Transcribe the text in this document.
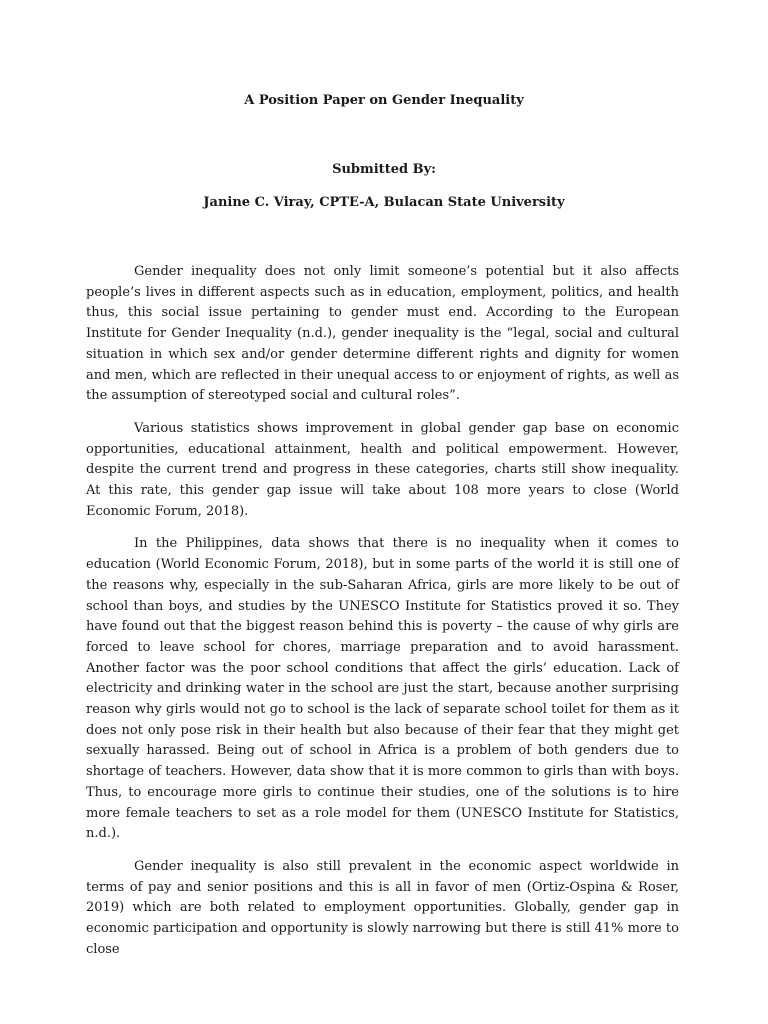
A Position Paper on Gender Inequality
Submitted By:
Janine C. Viray, CPTE-A, Bulacan State University

Gender inequality does not only limit someone’s potential but it also affects people’s lives in different aspects such as in education, employment, politics, and health thus, this social issue pertaining to gender must end. According to the European Institute for Gender Inequality (n.d.), gender inequality is the “legal, social and cultural situation in which sex and/or gender determine different rights and dignity for women and men, which are reflected in their unequal access to or enjoyment of rights, as well as the assumption of stereotyped social and cultural roles”.

Various statistics shows improvement in global gender gap base on economic opportunities, educational attainment, health and political empowerment. However, despite the current trend and progress in these categories, charts still show inequality. At this rate, this gender gap issue will take about 108 more years to close (World Economic Forum, 2018).

In the Philippines, data shows that there is no inequality when it comes to education (World Economic Forum, 2018), but in some parts of the world it is still one of the reasons why, especially in the sub-Saharan Africa, girls are more likely to be out of school than boys, and studies by the UNESCO Institute for Statistics proved it so. They have found out that the biggest reason behind this is poverty – the cause of why girls are forced to leave school for chores, marriage preparation and to avoid harassment. Another factor was the poor school conditions that affect the girls’ education. Lack of electricity and drinking water in the school are just the start, because another surprising reason why girls would not go to school is the lack of separate school toilet for them as it does not only pose risk in their health but also because of their fear that they might get sexually harassed. Being out of school in Africa is a problem of both genders due to shortage of teachers. However, data show that it is more common to girls than with boys. Thus, to encourage more girls to continue their studies, one of the solutions is to hire more female teachers to set as a role model for them (UNESCO Institute for Statistics, n.d.).

Gender inequality is also still prevalent in the economic aspect worldwide in terms of pay and senior positions and this is all in favor of men (Ortiz-Ospina & Roser, 2019) which are both related to employment opportunities. Globally, gender gap in economic participation and opportunity is slowly narrowing but there is still 41% more to close
